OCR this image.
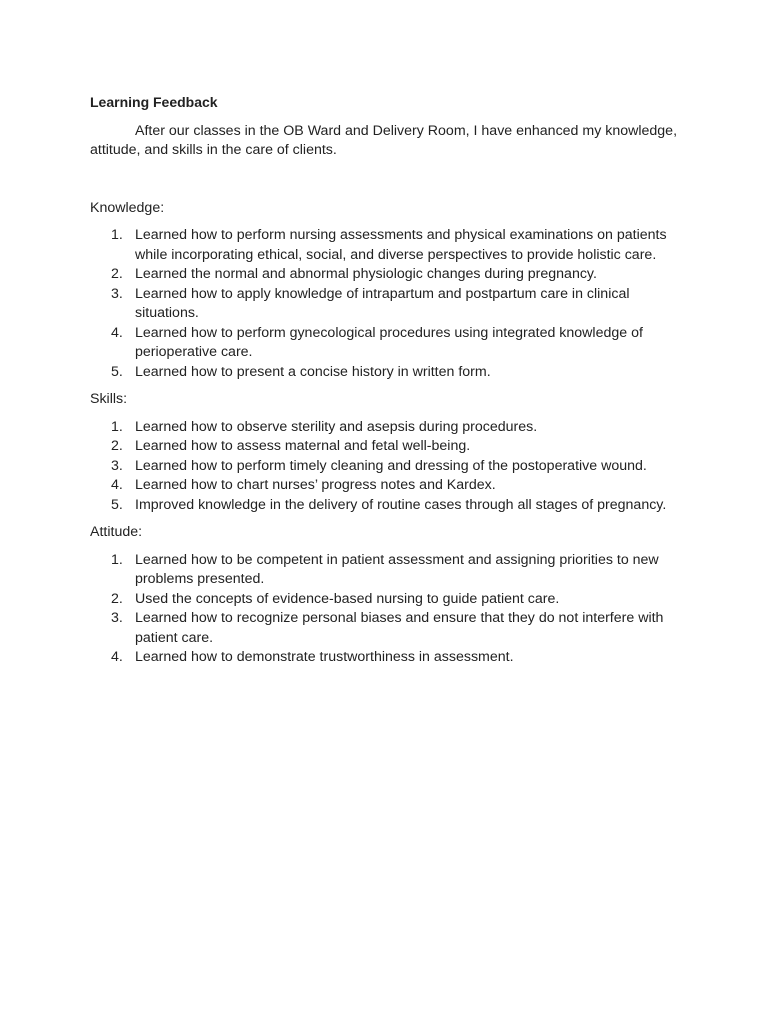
Learning Feedback

After our classes in the OB Ward and Delivery Room, I have enhanced my knowledge, attitude, and skills in the care of clients.

Knowledge:

1. Learned how to perform nursing assessments and physical examinations on patients while incorporating ethical, social, and diverse perspectives to provide holistic care.
2. Learned the normal and abnormal physiologic changes during pregnancy.
3. Learned how to apply knowledge of intrapartum and postpartum care in clinical situations.
4. Learned how to perform gynecological procedures using integrated knowledge of perioperative care.
5. Learned how to present a concise history in written form.

Skills:

1. Learned how to observe sterility and asepsis during procedures.
2. Learned how to assess maternal and fetal well-being.
3. Learned how to perform timely cleaning and dressing of the postoperative wound.
4. Learned how to chart nurses’ progress notes and Kardex.
5. Improved knowledge in the delivery of routine cases through all stages of pregnancy.

Attitude:

1. Learned how to be competent in patient assessment and assigning priorities to new problems presented.
2. Used the concepts of evidence-based nursing to guide patient care.
3. Learned how to recognize personal biases and ensure that they do not interfere with patient care.
4. Learned how to demonstrate trustworthiness in assessment.
